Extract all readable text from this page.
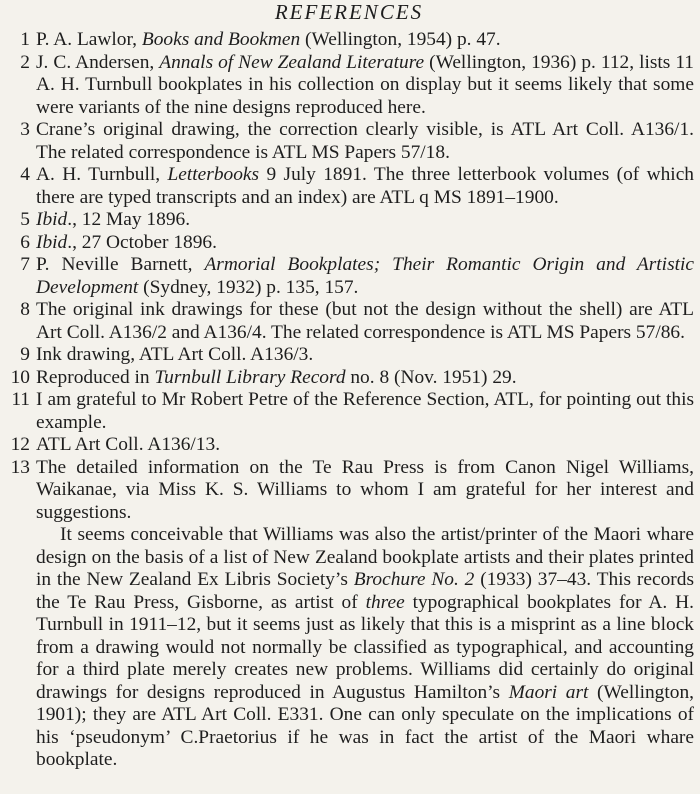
REFERENCES
1 P. A. Lawlor, Books and Bookmen (Wellington, 1954) p. 47.
2 J. C. Andersen, Annals of New Zealand Literature (Wellington, 1936) p. 112, lists 11 A. H. Turnbull bookplates in his collection on display but it seems likely that some were variants of the nine designs reproduced here.
3 Crane’s original drawing, the correction clearly visible, is ATL Art Coll. A136/1. The related correspondence is ATL MS Papers 57/18.
4 A. H. Turnbull, Letterbooks 9 July 1891. The three letterbook volumes (of which there are typed transcripts and an index) are ATL q MS 1891–1900.
5 Ibid., 12 May 1896.
6 Ibid., 27 October 1896.
7 P. Neville Barnett, Armorial Bookplates; Their Romantic Origin and Artistic Development (Sydney, 1932) p. 135, 157.
8 The original ink drawings for these (but not the design without the shell) are ATL Art Coll. A136/2 and A136/4. The related correspondence is ATL MS Papers 57/86.
9 Ink drawing, ATL Art Coll. A136/3.
10 Reproduced in Turnbull Library Record no. 8 (Nov. 1951) 29.
11 I am grateful to Mr Robert Petre of the Reference Section, ATL, for pointing out this example.
12 ATL Art Coll. A136/13.
13 The detailed information on the Te Rau Press is from Canon Nigel Williams, Waikanae, via Miss K. S. Williams to whom I am grateful for her interest and suggestions.
It seems conceivable that Williams was also the artist/printer of the Maori whare design on the basis of a list of New Zealand bookplate artists and their plates printed in the New Zealand Ex Libris Society’s Brochure No. 2 (1933) 37–43. This records the Te Rau Press, Gisborne, as artist of three typographical bookplates for A. H. Turnbull in 1911–12, but it seems just as likely that this is a misprint as a line block from a drawing would not normally be classified as typographical, and accounting for a third plate merely creates new problems. Williams did certainly do original drawings for designs reproduced in Augustus Hamilton’s Maori art (Wellington, 1901); they are ATL Art Coll. E331. One can only speculate on the implications of his ‘pseudonym’ C.Praetorius if he was in fact the artist of the Maori whare bookplate.
